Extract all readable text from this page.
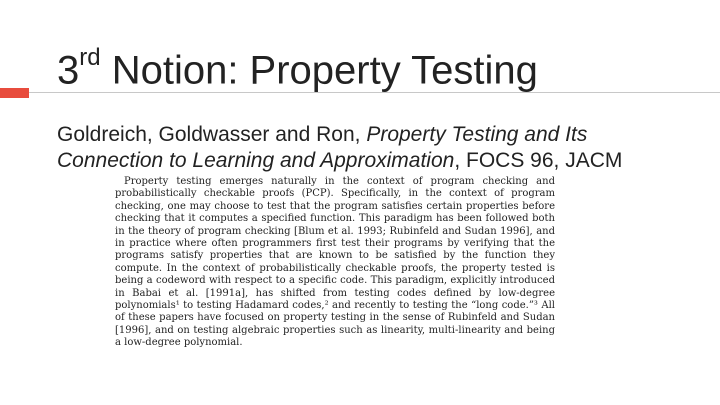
3rd Notion: Property Testing

Goldreich, Goldwasser and Ron, Property Testing and Its Connection to Learning and Approximation, FOCS 96, JACM

Property testing emerges naturally in the context of program checking and probabilistically checkable proofs (PCP). Specifically, in the context of program checking, one may choose to test that the program satisfies certain properties before checking that it computes a specified function. This paradigm has been followed both in the theory of program checking [Blum et al. 1993; Rubinfeld and Sudan 1996], and in practice where often programmers first test their programs by verifying that the programs satisfy properties that are known to be satisfied by the function they compute. In the context of probabilistically checkable proofs, the property tested is being a codeword with respect to a specific code. This paradigm, explicitly introduced in Babai et al. [1991a], has shifted from testing codes defined by low-degree polynomials¹ to testing Hadamard codes,² and recently to testing the “long code.”³ All of these papers have focused on property testing in the sense of Rubinfeld and Sudan [1996], and on testing algebraic properties such as linearity, multi-linearity and being a low-degree polynomial.
